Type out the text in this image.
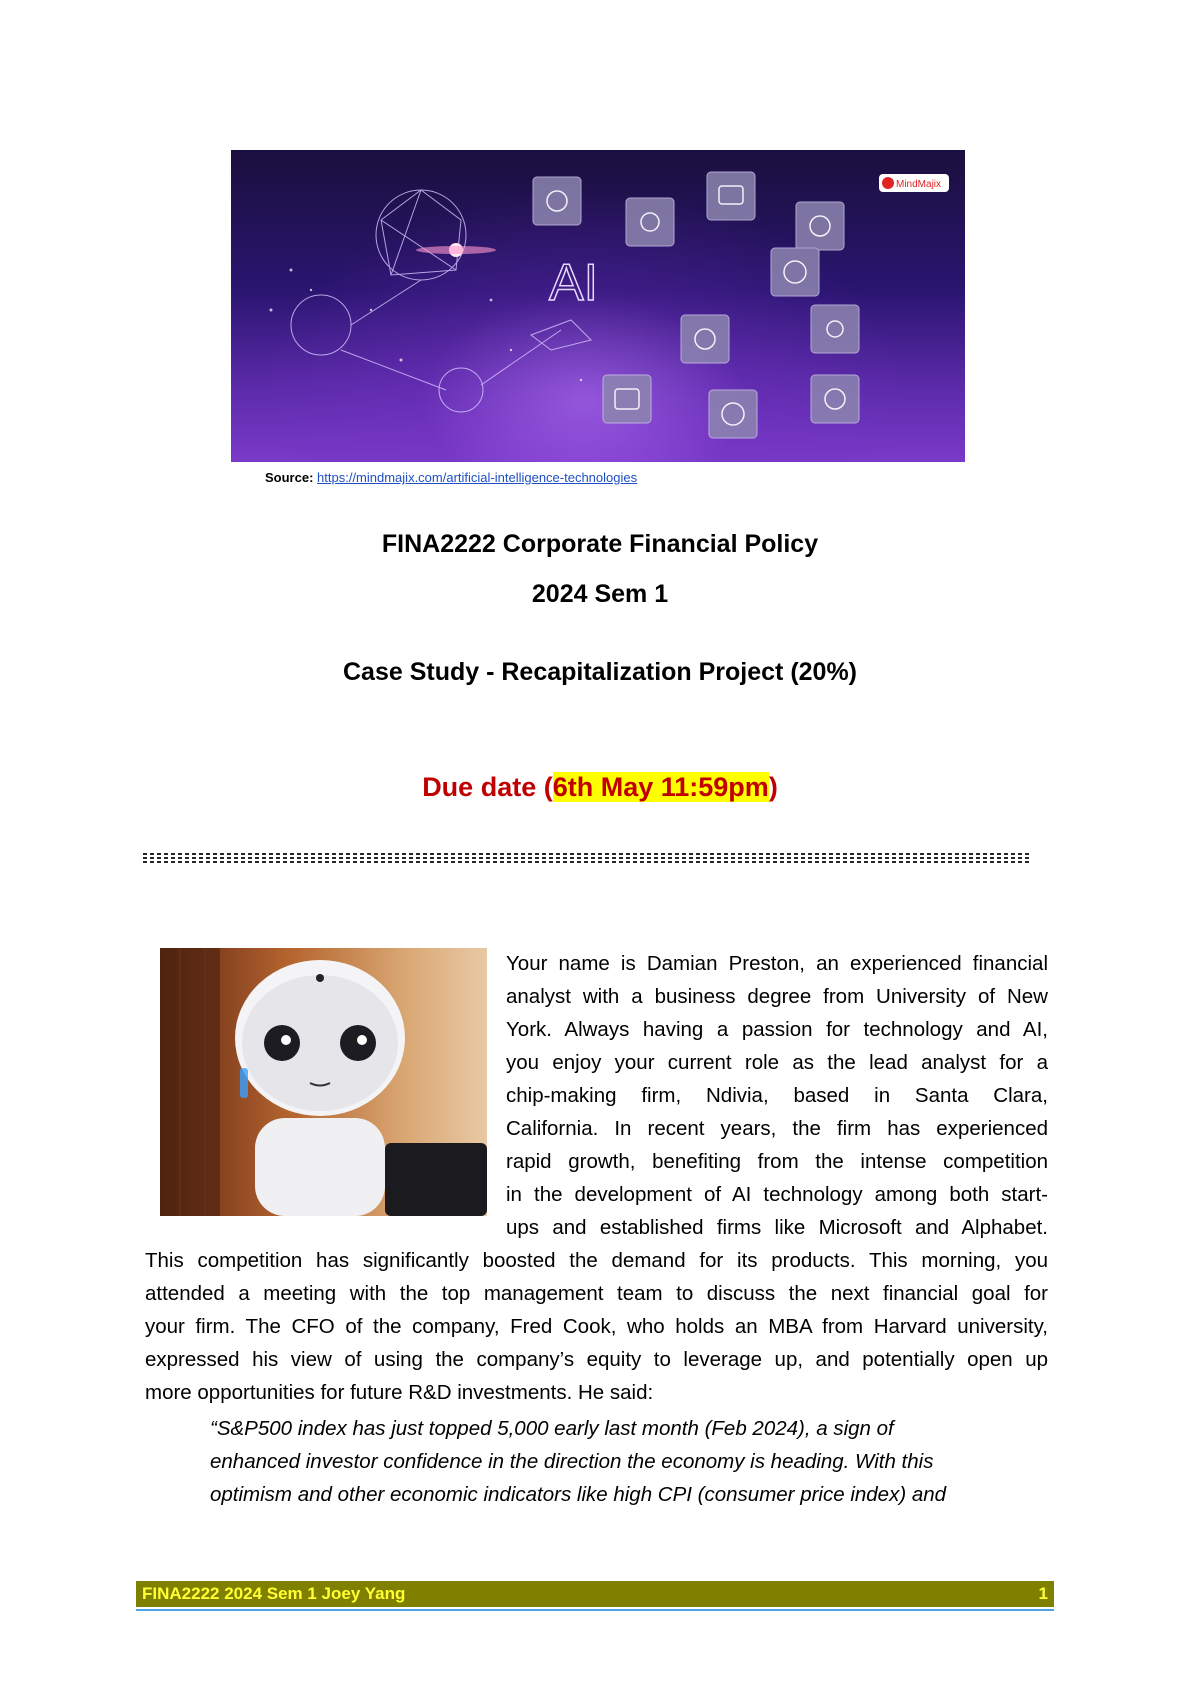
AI
MindMajix
Source: https://mindmajix.com/artificial-intelligence-technologies
FINA2222 Corporate Financial Policy
2024 Sem 1
Case Study - Recapitalization Project (20%)
Due date (6th May 11:59pm)
Your name is Damian Preston, an experienced financial
analyst with a business degree from University of New
York. Always having a passion for technology and AI,
you enjoy your current role as the lead analyst for a
chip-making firm, Ndivia, based in Santa Clara,
California. In recent years, the firm has experienced
rapid growth, benefiting from the intense competition
in the development of AI technology among both start-
ups and established firms like Microsoft and Alphabet.
This competition has significantly boosted the demand for its products. This morning, you
attended a meeting with the top management team to discuss the next financial goal for
your firm. The CFO of the company, Fred Cook, who holds an MBA from Harvard university,
expressed his view of using the company’s equity to leverage up, and potentially open up
more opportunities for future R&D investments. He said:
“S&P500 index has just topped 5,000 early last month (Feb 2024), a sign of
enhanced investor confidence in the direction the economy is heading. With this
optimism and other economic indicators like high CPI (consumer price index) and
FINA2222 2024 Sem 1 Joey Yang	1
